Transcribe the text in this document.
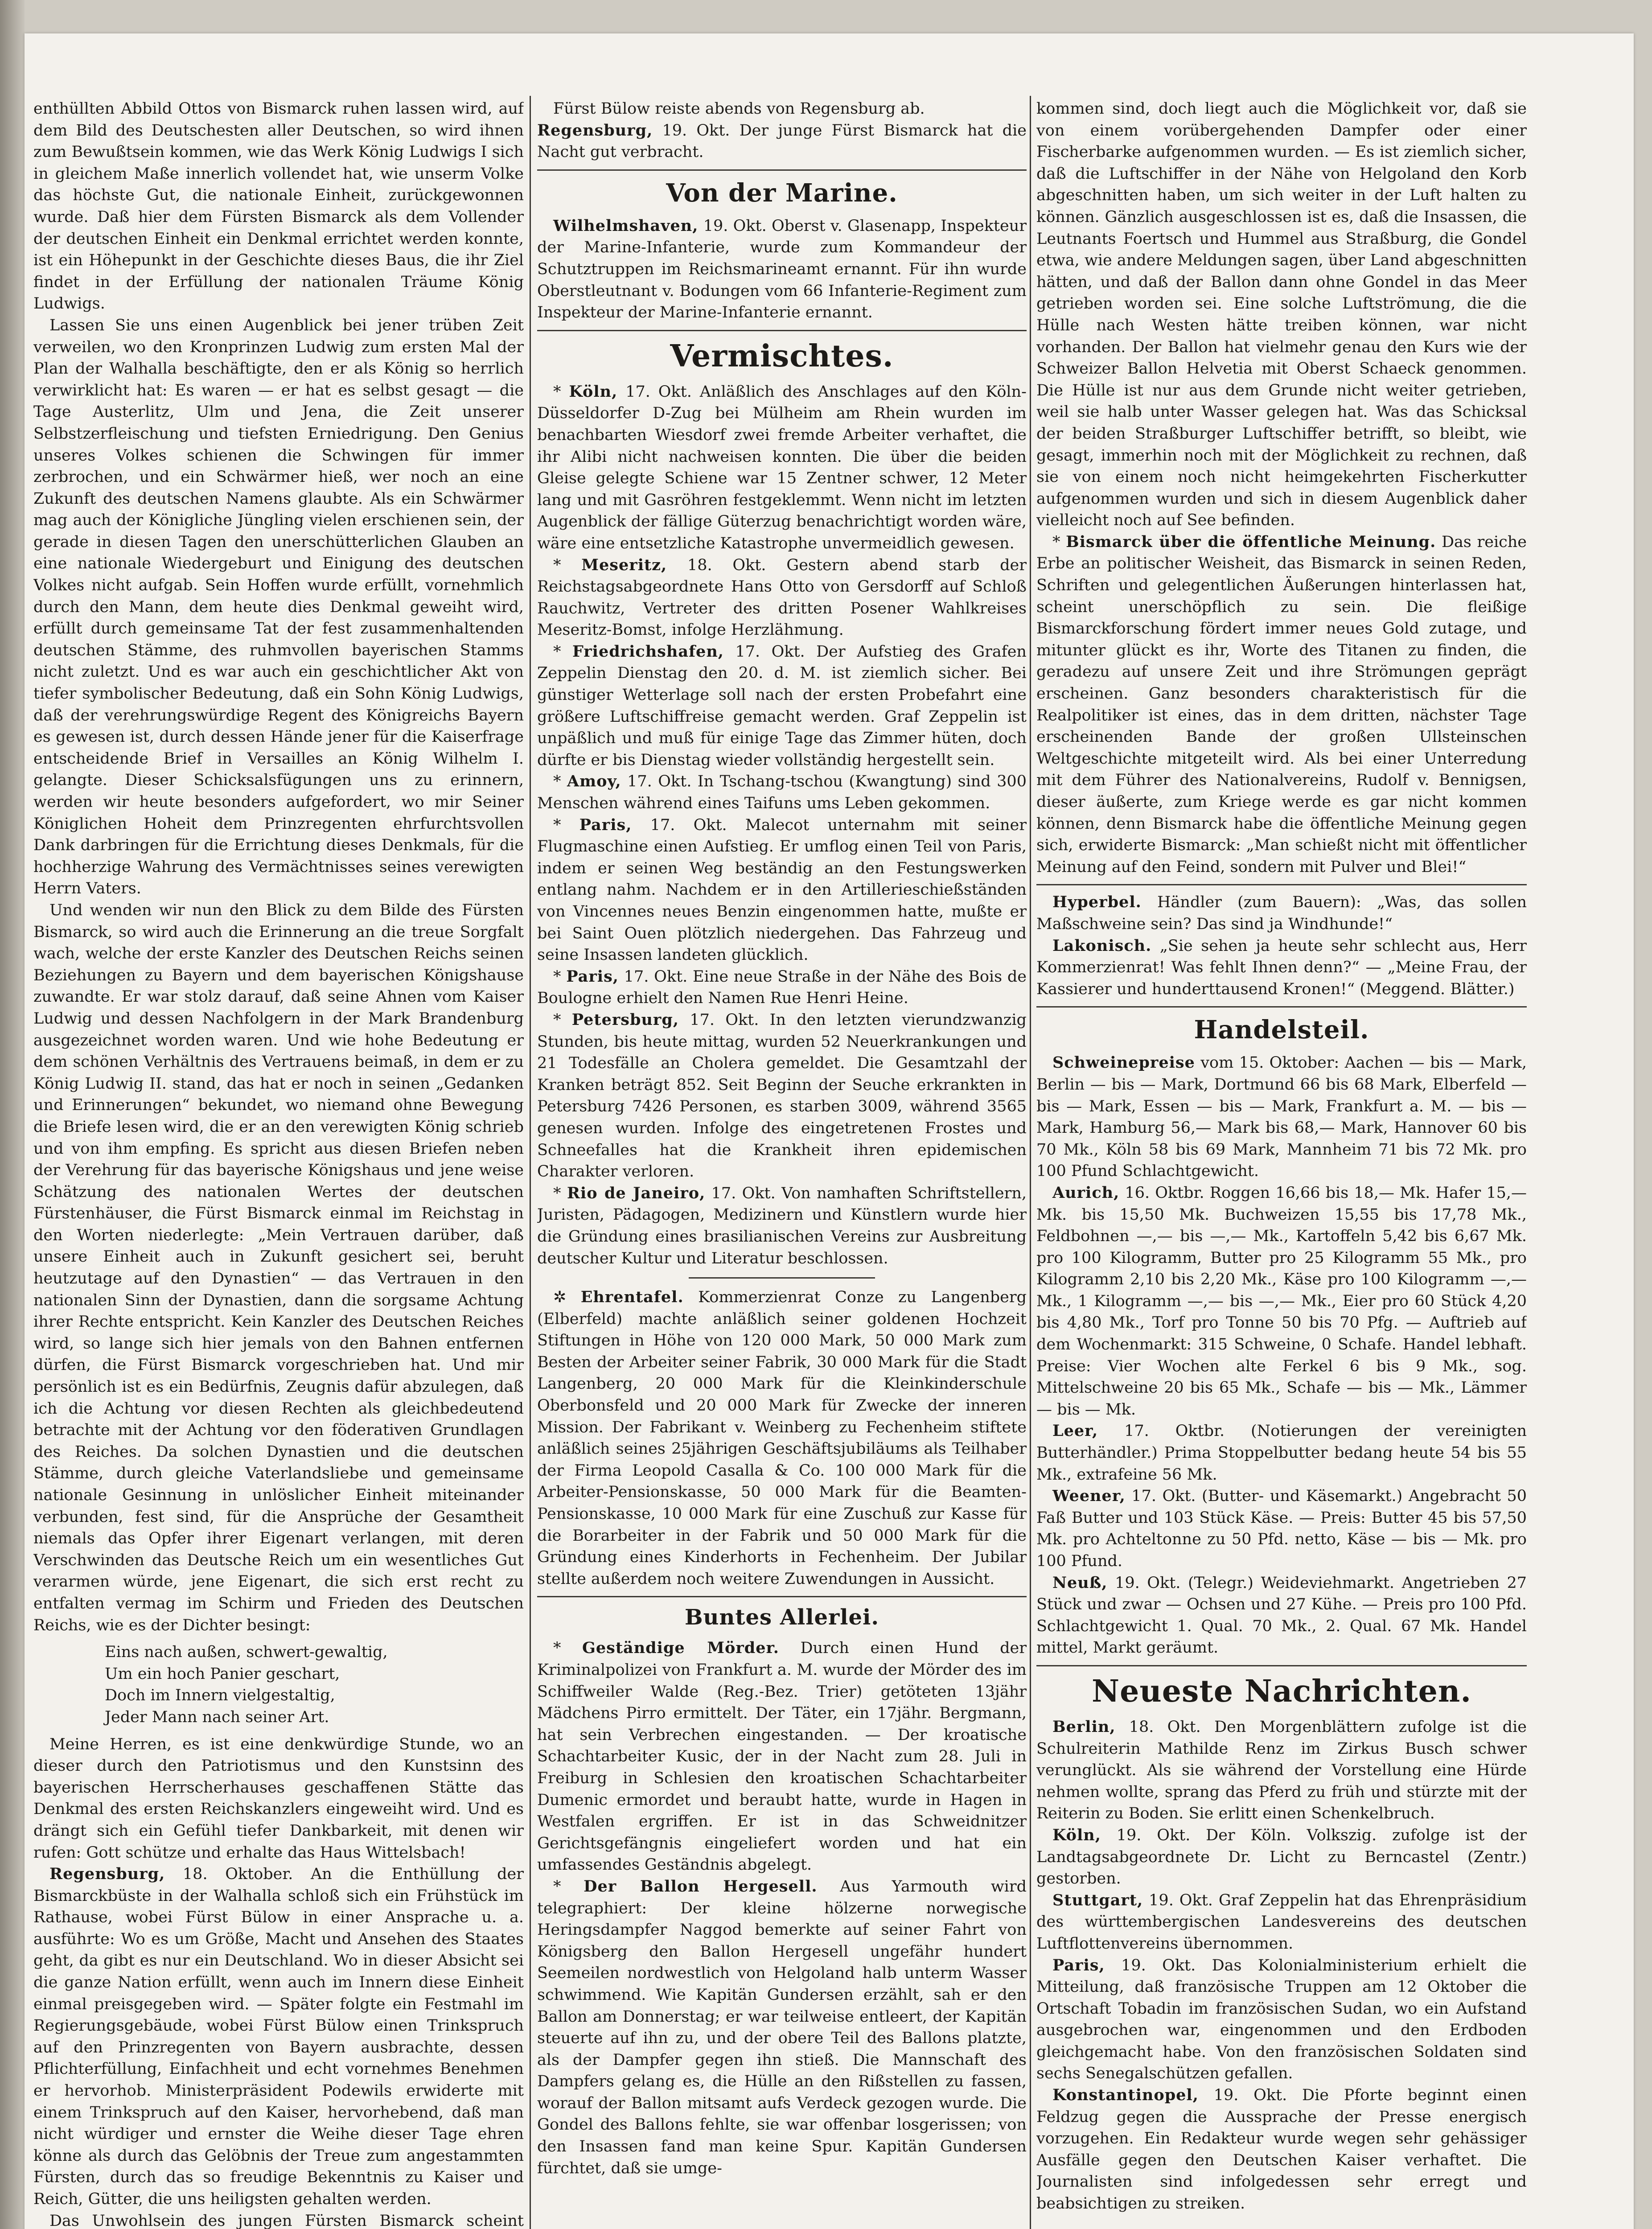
enthüllten Abbild Ottos von Bismarck ruhen lassen wird, auf dem Bild des Deutschesten aller Deutschen, so wird ihnen zum Bewußtsein kommen, wie das Werk König Ludwigs I sich in gleichem Maße innerlich vollendet hat, wie unserm Volke das höchste Gut, die nationale Einheit, zurückgewonnen wurde. Daß hier dem Fürsten Bismarck als dem Vollender der deutschen Einheit ein Denkmal errichtet werden konnte, ist ein Höhepunkt in der Geschichte dieses Baus, die ihr Ziel findet in der Erfüllung der nationalen Träume König Ludwigs.

Lassen Sie uns einen Augenblick bei jener trüben Zeit verweilen, wo den Kronprinzen Ludwig zum ersten Mal der Plan der Walhalla beschäftigte, den er als König so herrlich verwirklicht hat: Es waren — er hat es selbst gesagt — die Tage Austerlitz, Ulm und Jena, die Zeit unserer Selbstzerfleischung und tiefsten Erniedrigung. Den Genius unseres Volkes schienen die Schwingen für immer zerbrochen, und ein Schwärmer hieß, wer noch an eine Zukunft des deutschen Namens glaubte. Als ein Schwärmer mag auch der Königliche Jüngling vielen erschienen sein, der gerade in diesen Tagen den unerschütterlichen Glauben an eine nationale Wiedergeburt und Einigung des deutschen Volkes nicht aufgab. Sein Hoffen wurde erfüllt, vornehmlich durch den Mann, dem heute dies Denkmal geweiht wird, erfüllt durch gemeinsame Tat der fest zusammenhaltenden deutschen Stämme, des ruhmvollen bayerischen Stamms nicht zuletzt. Und es war auch ein geschichtlicher Akt von tiefer symbolischer Bedeutung, daß ein Sohn König Ludwigs, daß der verehrungswürdige Regent des Königreichs Bayern es gewesen ist, durch dessen Hände jener für die Kaiserfrage entscheidende Brief in Versailles an König Wilhelm I. gelangte. Dieser Schicksalsfügungen uns zu erinnern, werden wir heute besonders aufgefordert, wo mir Seiner Königlichen Hoheit dem Prinzregenten ehrfurchtsvollen Dank darbringen für die Errichtung dieses Denkmals, für die hochherzige Wahrung des Vermächtnisses seines verewigten Herrn Vaters.

Und wenden wir nun den Blick zu dem Bilde des Fürsten Bismarck, so wird auch die Erinnerung an die treue Sorgfalt wach, welche der erste Kanzler des Deutschen Reichs seinen Beziehungen zu Bayern und dem bayerischen Königshause zuwandte. Er war stolz darauf, daß seine Ahnen vom Kaiser Ludwig und dessen Nachfolgern in der Mark Brandenburg ausgezeichnet worden waren. Und wie hohe Bedeutung er dem schönen Verhältnis des Vertrauens beimaß, in dem er zu König Ludwig II. stand, das hat er noch in seinen „Gedanken und Erinnerungen“ bekundet, wo niemand ohne Bewegung die Briefe lesen wird, die er an den verewigten König schrieb und von ihm empfing. Es spricht aus diesen Briefen neben der Verehrung für das bayerische Königshaus und jene weise Schätzung des nationalen Wertes der deutschen Fürstenhäuser, die Fürst Bismarck einmal im Reichstag in den Worten niederlegte: „Mein Vertrauen darüber, daß unsere Einheit auch in Zukunft gesichert sei, beruht heutzutage auf den Dynastien“ — das Vertrauen in den nationalen Sinn der Dynastien, dann die sorgsame Achtung ihrer Rechte entspricht. Kein Kanzler des Deutschen Reiches wird, so lange sich hier jemals von den Bahnen entfernen dürfen, die Fürst Bismarck vorgeschrieben hat. Und mir persönlich ist es ein Bedürfnis, Zeugnis dafür abzulegen, daß ich die Achtung vor diesen Rechten als gleichbedeutend betrachte mit der Achtung vor den föderativen Grundlagen des Reiches. Da solchen Dynastien und die deutschen Stämme, durch gleiche Vaterlandsliebe und gemeinsame nationale Gesinnung in unlöslicher Einheit miteinander verbunden, fest sind, für die Ansprüche der Gesamtheit niemals das Opfer ihrer Eigenart verlangen, mit deren Verschwinden das Deutsche Reich um ein wesentliches Gut verarmen würde, jene Eigenart, die sich erst recht zu entfalten vermag im Schirm und Frieden des Deutschen Reichs, wie es der Dichter besingt:

Eins nach außen, schwert-gewaltig,
Um ein hoch Panier geschart,
Doch im Innern vielgestaltig,
Jeder Mann nach seiner Art.

Meine Herren, es ist eine denkwürdige Stunde, wo an dieser durch den Patriotismus und den Kunstsinn des bayerischen Herrscherhauses geschaffenen Stätte das Denkmal des ersten Reichskanzlers eingeweiht wird. Und es drängt sich ein Gefühl tiefer Dankbarkeit, mit denen wir rufen: Gott schütze und erhalte das Haus Wittelsbach!

Regensburg, 18. Oktober. An die Enthüllung der Bismarckbüste in der Walhalla schloß sich ein Frühstück im Rathause, wobei Fürst Bülow in einer Ansprache u. a. ausführte: Wo es um Größe, Macht und Ansehen des Staates geht, da gibt es nur ein Deutschland. Wo in dieser Absicht sei die ganze Nation erfüllt, wenn auch im Innern diese Einheit einmal preisgegeben wird. — Später folgte ein Festmahl im Regierungsgebäude, wobei Fürst Bülow einen Trinkspruch auf den Prinzregenten von Bayern ausbrachte, dessen Pflichterfüllung, Einfachheit und echt vornehmes Benehmen er hervorhob. Ministerpräsident Podewils erwiderte mit einem Trinkspruch auf den Kaiser, hervorhebend, daß man nicht würdiger und ernster die Weihe dieser Tage ehren könne als durch das Gelöbnis der Treue zum angestammten Fürsten, durch das so freudige Bekenntnis zu Kaiser und Reich, Gütter, die uns heiligsten gehalten werden.

Das Unwohlsein des jungen Fürsten Bismarck scheint

Fürst Bülow reiste abends von Regensburg ab.

Regensburg, 19. Okt. Der junge Fürst Bismarck hat die Nacht gut verbracht.

Von der Marine.

Wilhelmshaven, 19. Okt. Oberst v. Glasenapp, Inspekteur der Marine-Infanterie, wurde zum Kommandeur der Schutztruppen im Reichsmarineamt ernannt. Für ihn wurde Oberstleutnant v. Bodungen vom 66 Infanterie-Regiment zum Inspekteur der Marine-Infanterie ernannt.

Vermischtes.

* Köln, 17. Okt. Anläßlich des Anschlages auf den Köln-Düsseldorfer D-Zug bei Mülheim am Rhein wurden im benachbarten Wiesdorf zwei fremde Arbeiter verhaftet, die ihr Alibi nicht nachweisen konnten. Die über die beiden Gleise gelegte Schiene war 15 Zentner schwer, 12 Meter lang und mit Gasröhren festgeklemmt. Wenn nicht im letzten Augenblick der fällige Güterzug benachrichtigt worden wäre, wäre eine entsetzliche Katastrophe unvermeidlich gewesen.

* Meseritz, 18. Okt. Gestern abend starb der Reichstagsabgeordnete Hans Otto von Gersdorff auf Schloß Rauchwitz, Vertreter des dritten Posener Wahlkreises Meseritz-Bomst, infolge Herzlähmung.

* Friedrichshafen, 17. Okt. Der Aufstieg des Grafen Zeppelin Dienstag den 20. d. M. ist ziemlich sicher. Bei günstiger Wetterlage soll nach der ersten Probefahrt eine größere Luftschiffreise gemacht werden. Graf Zeppelin ist unpäßlich und muß für einige Tage das Zimmer hüten, doch dürfte er bis Dienstag wieder vollständig hergestellt sein.

* Amoy, 17. Okt. In Tschang-tschou (Kwangtung) sind 300 Menschen während eines Taifuns ums Leben gekommen.

* Paris, 17. Okt. Malecot unternahm mit seiner Flugmaschine einen Aufstieg. Er umflog einen Teil von Paris, indem er seinen Weg beständig an den Festungswerken entlang nahm. Nachdem er in den Artillerieschießständen von Vincennes neues Benzin eingenommen hatte, mußte er bei Saint Ouen plötzlich niedergehen. Das Fahrzeug und seine Insassen landeten glücklich.

* Paris, 17. Okt. Eine neue Straße in der Nähe des Bois de Boulogne erhielt den Namen Rue Henri Heine.

* Petersburg, 17. Okt. In den letzten vierundzwanzig Stunden, bis heute mittag, wurden 52 Neuerkrankungen und 21 Todesfälle an Cholera gemeldet. Die Gesamtzahl der Kranken beträgt 852. Seit Beginn der Seuche erkrankten in Petersburg 7426 Personen, es starben 3009, während 3565 genesen wurden. Infolge des eingetretenen Frostes und Schneefalles hat die Krankheit ihren epidemischen Charakter verloren.

* Rio de Janeiro, 17. Okt. Von namhaften Schriftstellern, Juristen, Pädagogen, Medizinern und Künstlern wurde hier die Gründung eines brasilianischen Vereins zur Ausbreitung deutscher Kultur und Literatur beschlossen.

✲ Ehrentafel. Kommerzienrat Conze zu Langenberg (Elberfeld) machte anläßlich seiner goldenen Hochzeit Stiftungen in Höhe von 120 000 Mark, 50 000 Mark zum Besten der Arbeiter seiner Fabrik, 30 000 Mark für die Stadt Langenberg, 20 000 Mark für die Kleinkinderschule Oberbonsfeld und 20 000 Mark für Zwecke der inneren Mission. Der Fabrikant v. Weinberg zu Fechenheim stiftete anläßlich seines 25jährigen Geschäftsjubiläums als Teilhaber der Firma Leopold Casalla & Co. 100 000 Mark für die Arbeiter-Pensionskasse, 50 000 Mark für die Beamten-Pensionskasse, 10 000 Mark für eine Zuschuß zur Kasse für die Borarbeiter in der Fabrik und 50 000 Mark für die Gründung eines Kinderhorts in Fechenheim. Der Jubilar stellte außerdem noch weitere Zuwendungen in Aussicht.

Buntes Allerlei.

* Geständige Mörder. Durch einen Hund der Kriminalpolizei von Frankfurt a. M. wurde der Mörder des im Schiffweiler Walde (Reg.-Bez. Trier) getöteten 13jähr Mädchens Pirro ermittelt. Der Täter, ein 17jähr. Bergmann, hat sein Verbrechen eingestanden. — Der kroatische Schachtarbeiter Kusic, der in der Nacht zum 28. Juli in Freiburg in Schlesien den kroatischen Schachtarbeiter Dumenic ermordet und beraubt hatte, wurde in Hagen in Westfalen ergriffen. Er ist in das Schweidnitzer Gerichtsgefängnis eingeliefert worden und hat ein umfassendes Geständnis abgelegt.

* Der Ballon Hergesell. Aus Yarmouth wird telegraphiert: Der kleine hölzerne norwegische Heringsdampfer Naggod bemerkte auf seiner Fahrt von Königsberg den Ballon Hergesell ungefähr hundert Seemeilen nordwestlich von Helgoland halb unterm Wasser schwimmend. Wie Kapitän Gundersen erzählt, sah er den Ballon am Donnerstag; er war teilweise entleert, der Kapitän steuerte auf ihn zu, und der obere Teil des Ballons platzte, als der Dampfer gegen ihn stieß. Die Mannschaft des Dampfers gelang es, die Hülle an den Rißstellen zu fassen, worauf der Ballon mitsamt aufs Verdeck gezogen wurde. Die Gondel des Ballons fehlte, sie war offenbar losgerissen; von den Insassen fand man keine Spur. Kapitän Gundersen fürchtet, daß sie umge-

kommen sind, doch liegt auch die Möglichkeit vor, daß sie von einem vorübergehenden Dampfer oder einer Fischerbarke aufgenommen wurden. — Es ist ziemlich sicher, daß die Luftschiffer in der Nähe von Helgoland den Korb abgeschnitten haben, um sich weiter in der Luft halten zu können. Gänzlich ausgeschlossen ist es, daß die Insassen, die Leutnants Foertsch und Hummel aus Straßburg, die Gondel etwa, wie andere Meldungen sagen, über Land abgeschnitten hätten, und daß der Ballon dann ohne Gondel in das Meer getrieben worden sei. Eine solche Luftströmung, die die Hülle nach Westen hätte treiben können, war nicht vorhanden. Der Ballon hat vielmehr genau den Kurs wie der Schweizer Ballon Helvetia mit Oberst Schaeck genommen. Die Hülle ist nur aus dem Grunde nicht weiter getrieben, weil sie halb unter Wasser gelegen hat. Was das Schicksal der beiden Straßburger Luftschiffer betrifft, so bleibt, wie gesagt, immerhin noch mit der Möglichkeit zu rechnen, daß sie von einem noch nicht heimgekehrten Fischerkutter aufgenommen wurden und sich in diesem Augenblick daher vielleicht noch auf See befinden.

* Bismarck über die öffentliche Meinung. Das reiche Erbe an politischer Weisheit, das Bismarck in seinen Reden, Schriften und gelegentlichen Äußerungen hinterlassen hat, scheint unerschöpflich zu sein. Die fleißige Bismarckforschung fördert immer neues Gold zutage, und mitunter glückt es ihr, Worte des Titanen zu finden, die geradezu auf unsere Zeit und ihre Strömungen geprägt erscheinen. Ganz besonders charakteristisch für die Realpolitiker ist eines, das in dem dritten, nächster Tage erscheinenden Bande der großen Ullsteinschen Weltgeschichte mitgeteilt wird. Als bei einer Unterredung mit dem Führer des Nationalvereins, Rudolf v. Bennigsen, dieser äußerte, zum Kriege werde es gar nicht kommen können, denn Bismarck habe die öffentliche Meinung gegen sich, erwiderte Bismarck: „Man schießt nicht mit öffentlicher Meinung auf den Feind, sondern mit Pulver und Blei!“

Hyperbel. Händler (zum Bauern): „Was, das sollen Maßschweine sein? Das sind ja Windhunde!“

Lakonisch. „Sie sehen ja heute sehr schlecht aus, Herr Kommerzienrat! Was fehlt Ihnen denn?“ — „Meine Frau, der Kassierer und hunderttausend Kronen!“ (Meggend. Blätter.)

Handelsteil.

Schweinepreise vom 15. Oktober: Aachen — bis — Mark, Berlin — bis — Mark, Dortmund 66 bis 68 Mark, Elberfeld — bis — Mark, Essen — bis — Mark, Frankfurt a. M. — bis — Mark, Hamburg 56,— Mark bis 68,— Mark, Hannover 60 bis 70 Mk., Köln 58 bis 69 Mark, Mannheim 71 bis 72 Mk. pro 100 Pfund Schlachtgewicht.

Aurich, 16. Oktbr. Roggen 16,66 bis 18,— Mk. Hafer 15,— Mk. bis 15,50 Mk. Buchweizen 15,55 bis 17,78 Mk., Feldbohnen —,— bis —,— Mk., Kartoffeln 5,42 bis 6,67 Mk. pro 100 Kilogramm, Butter pro 25 Kilogramm 55 Mk., pro Kilogramm 2,10 bis 2,20 Mk., Käse pro 100 Kilogramm —,— Mk., 1 Kilogramm —,— bis —,— Mk., Eier pro 60 Stück 4,20 bis 4,80 Mk., Torf pro Tonne 50 bis 70 Pfg. — Auftrieb auf dem Wochenmarkt: 315 Schweine, 0 Schafe. Handel lebhaft. Preise: Vier Wochen alte Ferkel 6 bis 9 Mk., sog. Mittelschweine 20 bis 65 Mk., Schafe — bis — Mk., Lämmer — bis — Mk.

Leer, 17. Oktbr. (Notierungen der vereinigten Butterhändler.) Prima Stoppelbutter bedang heute 54 bis 55 Mk., extrafeine 56 Mk.

Weener, 17. Okt. (Butter- und Käsemarkt.) Angebracht 50 Faß Butter und 103 Stück Käse. — Preis: Butter 45 bis 57,50 Mk. pro Achteltonne zu 50 Pfd. netto, Käse — bis — Mk. pro 100 Pfund.

Neuß, 19. Okt. (Telegr.) Weideviehmarkt. Angetrieben 27 Stück und zwar — Ochsen und 27 Kühe. — Preis pro 100 Pfd. Schlachtgewicht 1. Qual. 70 Mk., 2. Qual. 67 Mk. Handel mittel, Markt geräumt.

Neueste Nachrichten.

Berlin, 18. Okt. Den Morgenblättern zufolge ist die Schulreiterin Mathilde Renz im Zirkus Busch schwer verunglückt. Als sie während der Vorstellung eine Hürde nehmen wollte, sprang das Pferd zu früh und stürzte mit der Reiterin zu Boden. Sie erlitt einen Schenkelbruch.

Köln, 19. Okt. Der Köln. Volkszig. zufolge ist der Landtagsabgeordnete Dr. Licht zu Berncastel (Zentr.) gestorben.

Stuttgart, 19. Okt. Graf Zeppelin hat das Ehrenpräsidium des württembergischen Landesvereins des deutschen Luftflottenvereins übernommen.

Paris, 19. Okt. Das Kolonialministerium erhielt die Mitteilung, daß französische Truppen am 12 Oktober die Ortschaft Tobadin im französischen Sudan, wo ein Aufstand ausgebrochen war, eingenommen und den Erdboden gleichgemacht habe. Von den französischen Soldaten sind sechs Senegalschützen gefallen.

Konstantinopel, 19. Okt. Die Pforte beginnt einen Feldzug gegen die Aussprache der Presse energisch vorzugehen. Ein Redakteur wurde wegen sehr gehässiger Ausfälle gegen den Deutschen Kaiser verhaftet. Die Journalisten sind infolgedessen sehr erregt und beabsichtigen zu streiken.
